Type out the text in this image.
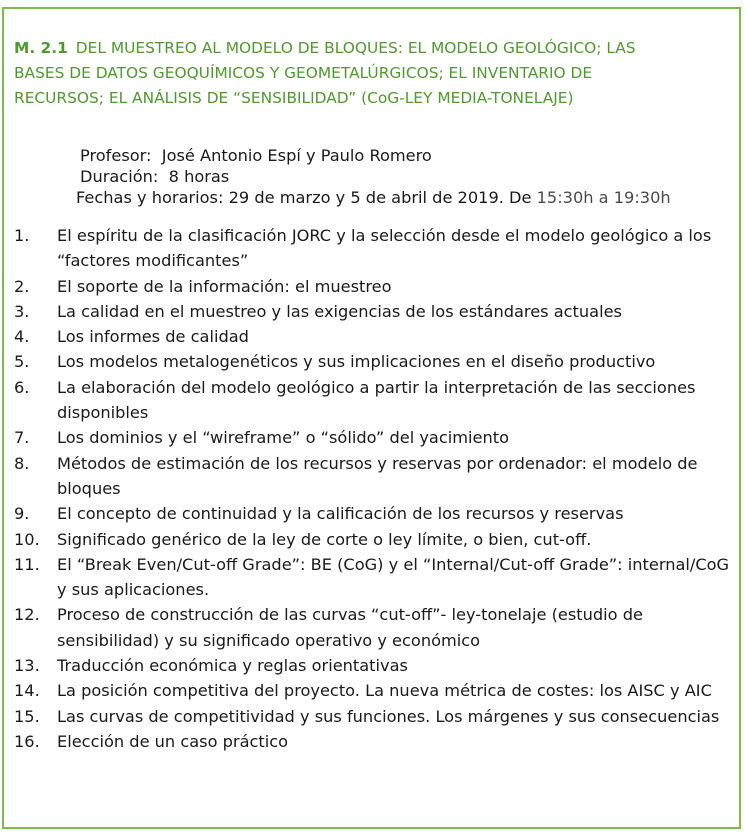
M. 2.1 DEL MUESTREO AL MODELO DE BLOQUES: EL MODELO GEOLÓGICO; LAS
BASES DE DATOS GEOQUÍMICOS Y GEOMETALÚRGICOS; EL INVENTARIO DE
RECURSOS; EL ANÁLISIS DE “SENSIBILIDAD” (CoG-LEY MEDIA-TONELAJE)
Profesor: José Antonio Espí y Paulo Romero
Duración: 8 horas
Fechas y horarios: 29 de marzo y 5 de abril de 2019. De 15:30h a 19:30h
1. El espíritu de la clasificación JORC y la selección desde el modelo geológico a los “factores modificantes”
2. El soporte de la información: el muestreo
3. La calidad en el muestreo y las exigencias de los estándares actuales
4. Los informes de calidad
5. Los modelos metalogenéticos y sus implicaciones en el diseño productivo
6. La elaboración del modelo geológico a partir la interpretación de las secciones disponibles
7. Los dominios y el “wireframe” o “sólido” del yacimiento
8. Métodos de estimación de los recursos y reservas por ordenador: el modelo de bloques
9. El concepto de continuidad y la calificación de los recursos y reservas
10. Significado genérico de la ley de corte o ley límite, o bien, cut-off.
11. El “Break Even/Cut-off Grade”: BE (CoG) y el “Internal/Cut-off Grade”: internal/CoG y sus aplicaciones.
12. Proceso de construcción de las curvas “cut-off”- ley-tonelaje (estudio de sensibilidad) y su significado operativo y económico
13. Traducción económica y reglas orientativas
14. La posición competitiva del proyecto. La nueva métrica de costes: los AISC y AIC
15. Las curvas de competitividad y sus funciones. Los márgenes y sus consecuencias
16. Elección de un caso práctico
